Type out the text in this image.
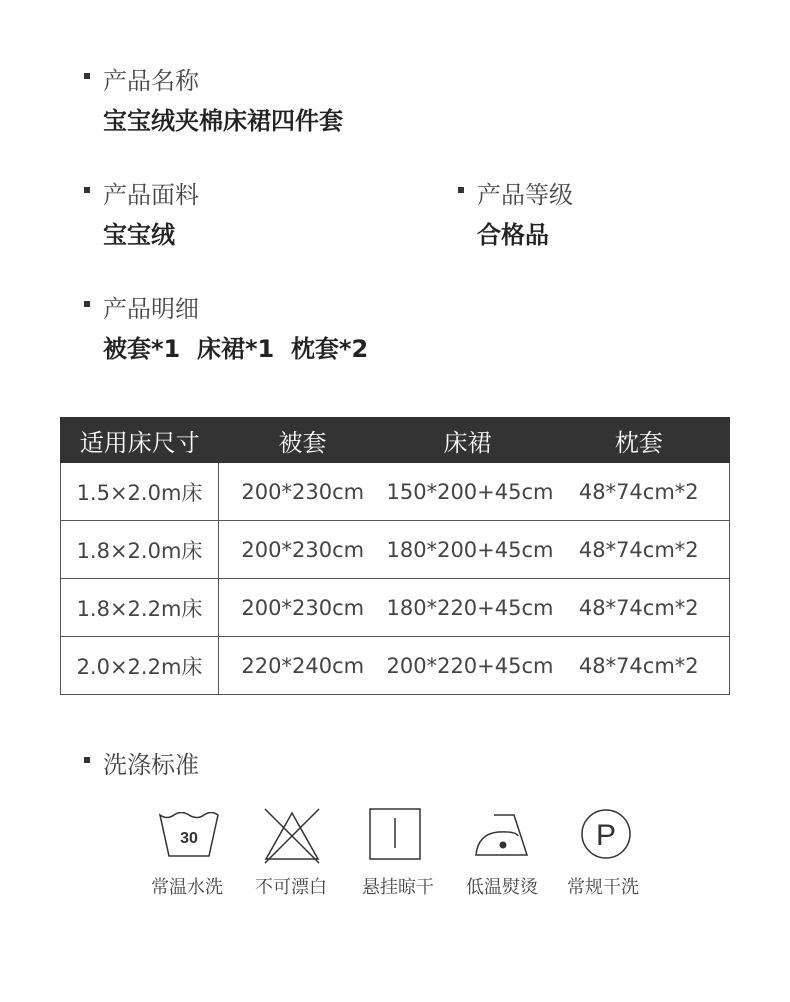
产品名称
宝宝绒夹棉床裙四件套
产品面料
宝宝绒
产品等级
合格品
产品明细
被套*1  床裙*1  枕套*2
适用床尺寸	被套	床裙	枕套
1.5×2.0m床	200*230cm	150*200+45cm	48*74cm*2
1.8×2.0m床	200*230cm	180*200+45cm	48*74cm*2
1.8×2.2m床	200*230cm	180*220+45cm	48*74cm*2
2.0×2.2m床	220*240cm	200*220+45cm	48*74cm*2
洗涤标准
30
常温水洗	不可漂白	悬挂晾干	低温熨烫
P
常规干洗
